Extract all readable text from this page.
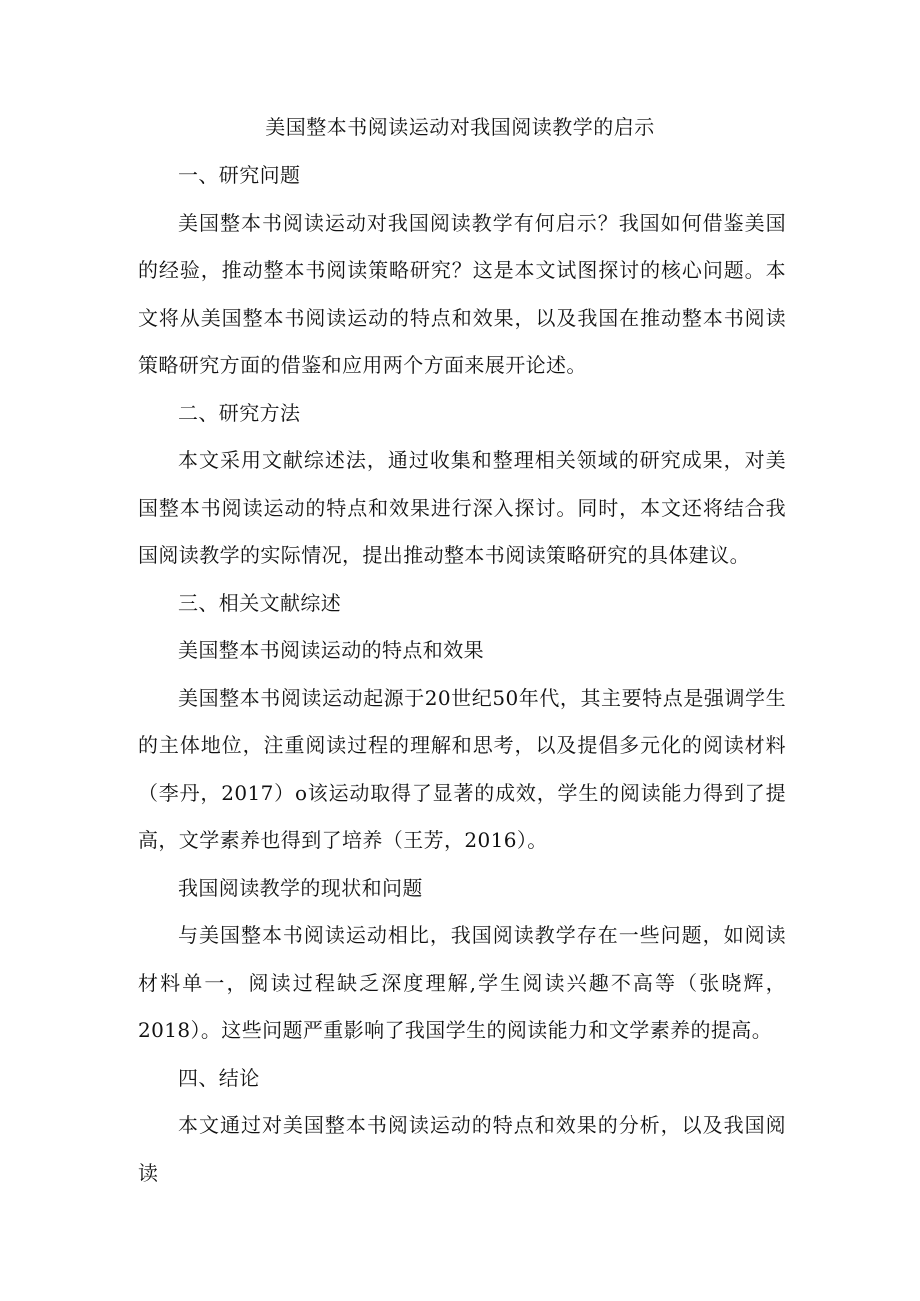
美国整本书阅读运动对我国阅读教学的启示
一、研究问题

美国整本书阅读运动对我国阅读教学有何启示？我国如何借鉴美国的经验，推动整本书阅读策略研究？这是本文试图探讨的核心问题。本文将从美国整本书阅读运动的特点和效果，以及我国在推动整本书阅读策略研究方面的借鉴和应用两个方面来展开论述。

二、研究方法

本文采用文献综述法，通过收集和整理相关领域的研究成果，对美国整本书阅读运动的特点和效果进行深入探讨。同时，本文还将结合我国阅读教学的实际情况，提出推动整本书阅读策略研究的具体建议。

三、相关文献综述
美国整本书阅读运动的特点和效果

美国整本书阅读运动起源于20世纪50年代，其主要特点是强调学生的主体地位，注重阅读过程的理解和思考，以及提倡多元化的阅读材料（李丹，2017）o该运动取得了显著的成效，学生的阅读能力得到了提高，文学素养也得到了培养（王芳，2016）。

我国阅读教学的现状和问题

与美国整本书阅读运动相比，我国阅读教学存在一些问题，如阅读材料单一，阅读过程缺乏深度理解,学生阅读兴趣不高等（张晓辉，2018）。这些问题严重影响了我国学生的阅读能力和文学素养的提高。

四、结论

本文通过对美国整本书阅读运动的特点和效果的分析，以及我国阅读
